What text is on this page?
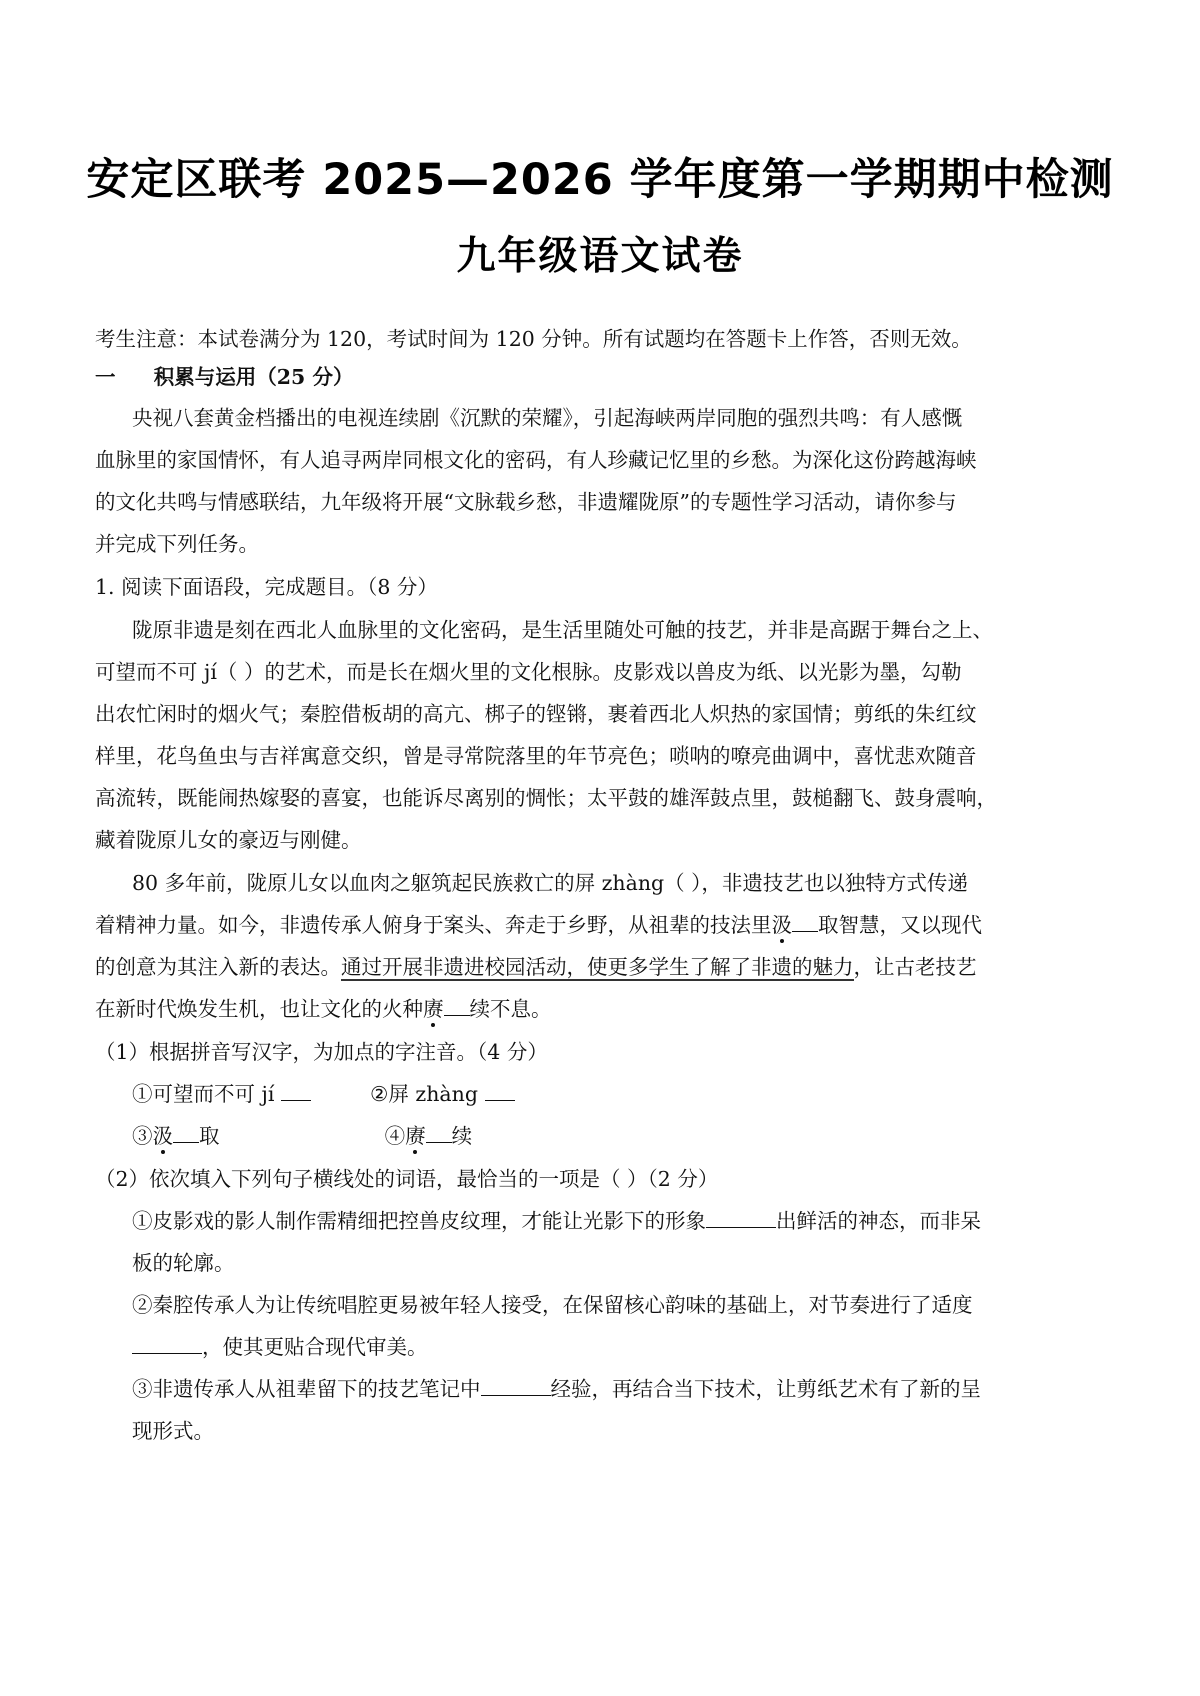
安定区联考 2025—2026 学年度第一学期期中检测
九年级语文试卷
考生注意：本试卷满分为 120，考试时间为 120 分钟。所有试题均在答题卡上作答，否则无效。
一 积累与运用（25 分）
央视八套黄金档播出的电视连续剧《沉默的荣耀》，引起海峡两岸同胞的强烈共鸣：有人感慨
血脉里的家国情怀，有人追寻两岸同根文化的密码，有人珍藏记忆里的乡愁。为深化这份跨越海峡
的文化共鸣与情感联结，九年级将开展“文脉载乡愁，非遗耀陇原”的专题性学习活动，请你参与
并完成下列任务。
1. 阅读下面语段，完成题目。（8 分）
陇原非遗是刻在西北人血脉里的文化密码，是生活里随处可触的技艺，并非是高踞于舞台之上、
可望而不可 jí（ ）的艺术，而是长在烟火里的文化根脉。皮影戏以兽皮为纸、以光影为墨，勾勒
出农忙闲时的烟火气；秦腔借板胡的高亢、梆子的铿锵，裹着西北人炽热的家国情；剪纸的朱红纹
样里，花鸟鱼虫与吉祥寓意交织，曾是寻常院落里的年节亮色；唢呐的嘹亮曲调中，喜忧悲欢随音
高流转，既能闹热嫁娶的喜宴，也能诉尽离别的惆怅；太平鼓的雄浑鼓点里，鼓槌翻飞、鼓身震响，
藏着陇原儿女的豪迈与刚健。
80 多年前，陇原儿女以血肉之躯筑起民族救亡的屏 zhàng（ ），非遗技艺也以独特方式传递
着精神力量。如今，非遗传承人俯身于案头、奔走于乡野，从祖辈的技法里汲 取智慧，又以现代
的创意为其注入新的表达。通过开展非遗进校园活动，使更多学生了解了非遗的魅力，让古老技艺
在新时代焕发生机，也让文化的火种赓 续不息。
（1）根据拼音写汉字，为加点的字注音。（4 分）
①可望而不可 jí	②屏 zhàng
③汲 取	④赓 续
（2）依次填入下列句子横线处的词语，最恰当的一项是（ ）（2 分）
①皮影戏的影人制作需精细把控兽皮纹理，才能让光影下的形象	出鲜活的神态，而非呆
板的轮廓。
②秦腔传承人为让传统唱腔更易被年轻人接受，在保留核心韵味的基础上，对节奏进行了适度
，使其更贴合现代审美。
③非遗传承人从祖辈留下的技艺笔记中	经验，再结合当下技术，让剪纸艺术有了新的呈
现形式。
